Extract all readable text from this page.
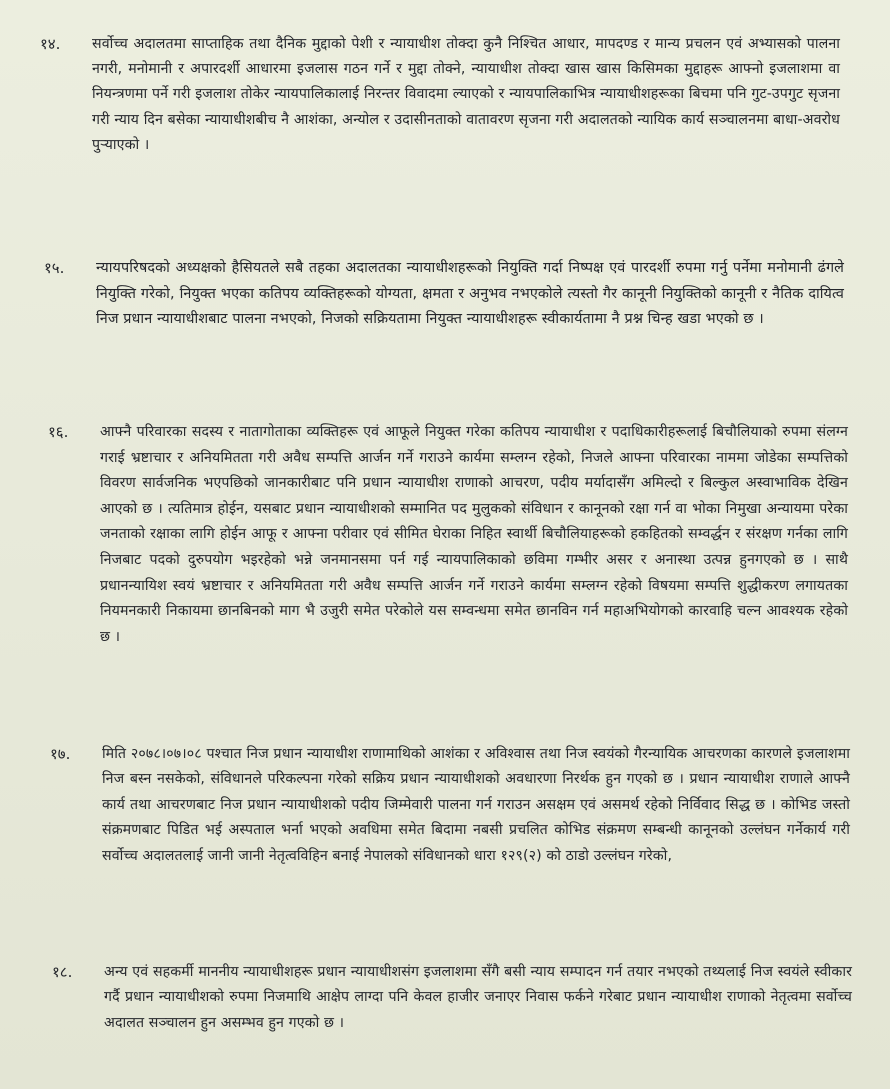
१४.	सर्वोच्च अदालतमा साप्ताहिक तथा दैनिक मुद्दाको पेशी र न्यायाधीश तोक्दा कुनै निश्चित आधार, मापदण्ड र मान्य प्रचलन एवं अभ्यासको पालना नगरी, मनोमानी र अपारदर्शी आधारमा इजलास गठन गर्ने र मुद्दा तोक्ने, न्यायाधीश तोक्दा खास खास किसिमका मुद्दाहरू आफ्नो इजलाशमा वा नियन्त्रणमा पर्ने गरी इजलाश तोकेर न्यायपालिकालाई निरन्तर विवादमा ल्याएको र न्यायपालिकाभित्र न्यायाधीशहरूका बिचमा पनि गुट-उपगुट सृजना गरी न्याय दिन बसेका न्यायाधीशबीच नै आशंका, अन्योल र उदासीनताको वातावरण सृजना गरी अदालतको न्यायिक कार्य सञ्चालनमा बाधा-अवरोध पुऱ्याएको ।
१५.	न्यायपरिषदको अध्यक्षको हैसियतले सबै तहका अदालतका न्यायाधीशहरूको नियुक्ति गर्दा निष्पक्ष एवं पारदर्शी रुपमा गर्नु पर्नेमा मनोमानी ढंगले नियुक्ति गरेको, नियुक्त भएका कतिपय व्यक्तिहरूको योग्यता, क्षमता र अनुभव नभएकोले त्यस्तो गैर कानूनी नियुक्तिको कानूनी र नैतिक दायित्व निज प्रधान न्यायाधीशबाट पालना नभएको, निजको सक्रियतामा नियुक्त न्यायाधीशहरू स्वीकार्यतामा नै प्रश्न चिन्ह खडा भएको छ ।
१६.	आफ्नै परिवारका सदस्य र नातागोताका व्यक्तिहरू एवं आफूले नियुक्त गरेका कतिपय न्यायाधीश र पदाधिकारीहरूलाई बिचौलियाको रुपमा संलग्न गराई भ्रष्टाचार र अनियमितता गरी अवैध सम्पत्ति आर्जन गर्ने गराउने कार्यमा सम्लग्न रहेको, निजले आफ्ना परिवारका नाममा जोडेका सम्पत्तिको विवरण सार्वजनिक भएपछिको जानकारीबाट पनि प्रधान न्यायाधीश राणाको आचरण, पदीय मर्यादासँग अमिल्दो र बिल्कुल अस्वाभाविक देखिन आएको छ । त्यतिमात्र होईन, यसबाट प्रधान न्यायाधीशको सम्मानित पद मुलुकको संविधान र कानूनको रक्षा गर्न वा भोका निमुखा अन्यायमा परेका जनताको रक्षाका लागि होईन आफू र आफ्ना परीवार एवं सीमित घेराका निहित स्वार्थी बिचौलियाहरूको हकहितको सम्वर्द्धन र संरक्षण गर्नका लागि निजबाट पदको दुरुपयोग भइरहेको भन्ने जनमानसमा पर्न गई न्यायपालिकाको छविमा गम्भीर असर र अनास्था उत्पन्न हुनगएको छ । साथै प्रधानन्यायिश स्वयं भ्रष्टाचार र अनियमितता गरी अवैध सम्पत्ति आर्जन गर्ने गराउने कार्यमा सम्लग्न रहेको विषयमा सम्पत्ति शुद्धीकरण लगायतका नियमनकारी निकायमा छानबिनको माग भै उजुरी समेत परेकोले यस सम्वन्धमा समेत छानविन गर्न महाअभियोगको कारवाहि चल्न आवश्यक रहेको छ ।
१७.	मिति २०७८।०७।०८ पश्चात निज प्रधान न्यायाधीश राणामाथिको आशंका र अविश्वास तथा निज स्वयंको गैरन्यायिक आचरणका कारणले इजलाशमा निज बस्न नसकेको, संविधानले परिकल्पना गरेको सक्रिय प्रधान न्यायाधीशको अवधारणा निरर्थक हुन गएको छ । प्रधान न्यायाधीश राणाले आफ्नै कार्य तथा आचरणबाट निज प्रधान न्यायाधीशको पदीय जिम्मेवारी पालना गर्न गराउन असक्षम एवं असमर्थ रहेको निर्विवाद सिद्ध छ । कोभिड जस्तो संक्रमणबाट पिडित भई अस्पताल भर्ना भएको अवधिमा समेत बिदामा नबसी प्रचलित कोभिड संक्रमण सम्बन्धी कानूनको उल्लंघन गर्नेकार्य गरी सर्वोच्च अदालतलाई जानी जानी नेतृत्वविहिन बनाई नेपालको संविधानको धारा १२९(२) को ठाडो उल्लंघन गरेको,
१८.	अन्य एवं सहकर्मी माननीय न्यायाधीशहरू प्रधान न्यायाधीशसंग इजलाशमा सँगै बसी न्याय सम्पादन गर्न तयार नभएको तथ्यलाई निज स्वयंले स्वीकार गर्दै प्रधान न्यायाधीशको रुपमा निजमाथि आक्षेप लाग्दा पनि केवल हाजीर जनाएर निवास फर्कने गरेबाट प्रधान न्यायाधीश राणाको नेतृत्वमा सर्वोच्च अदालत सञ्चालन हुन असम्भव हुन गएको छ ।
